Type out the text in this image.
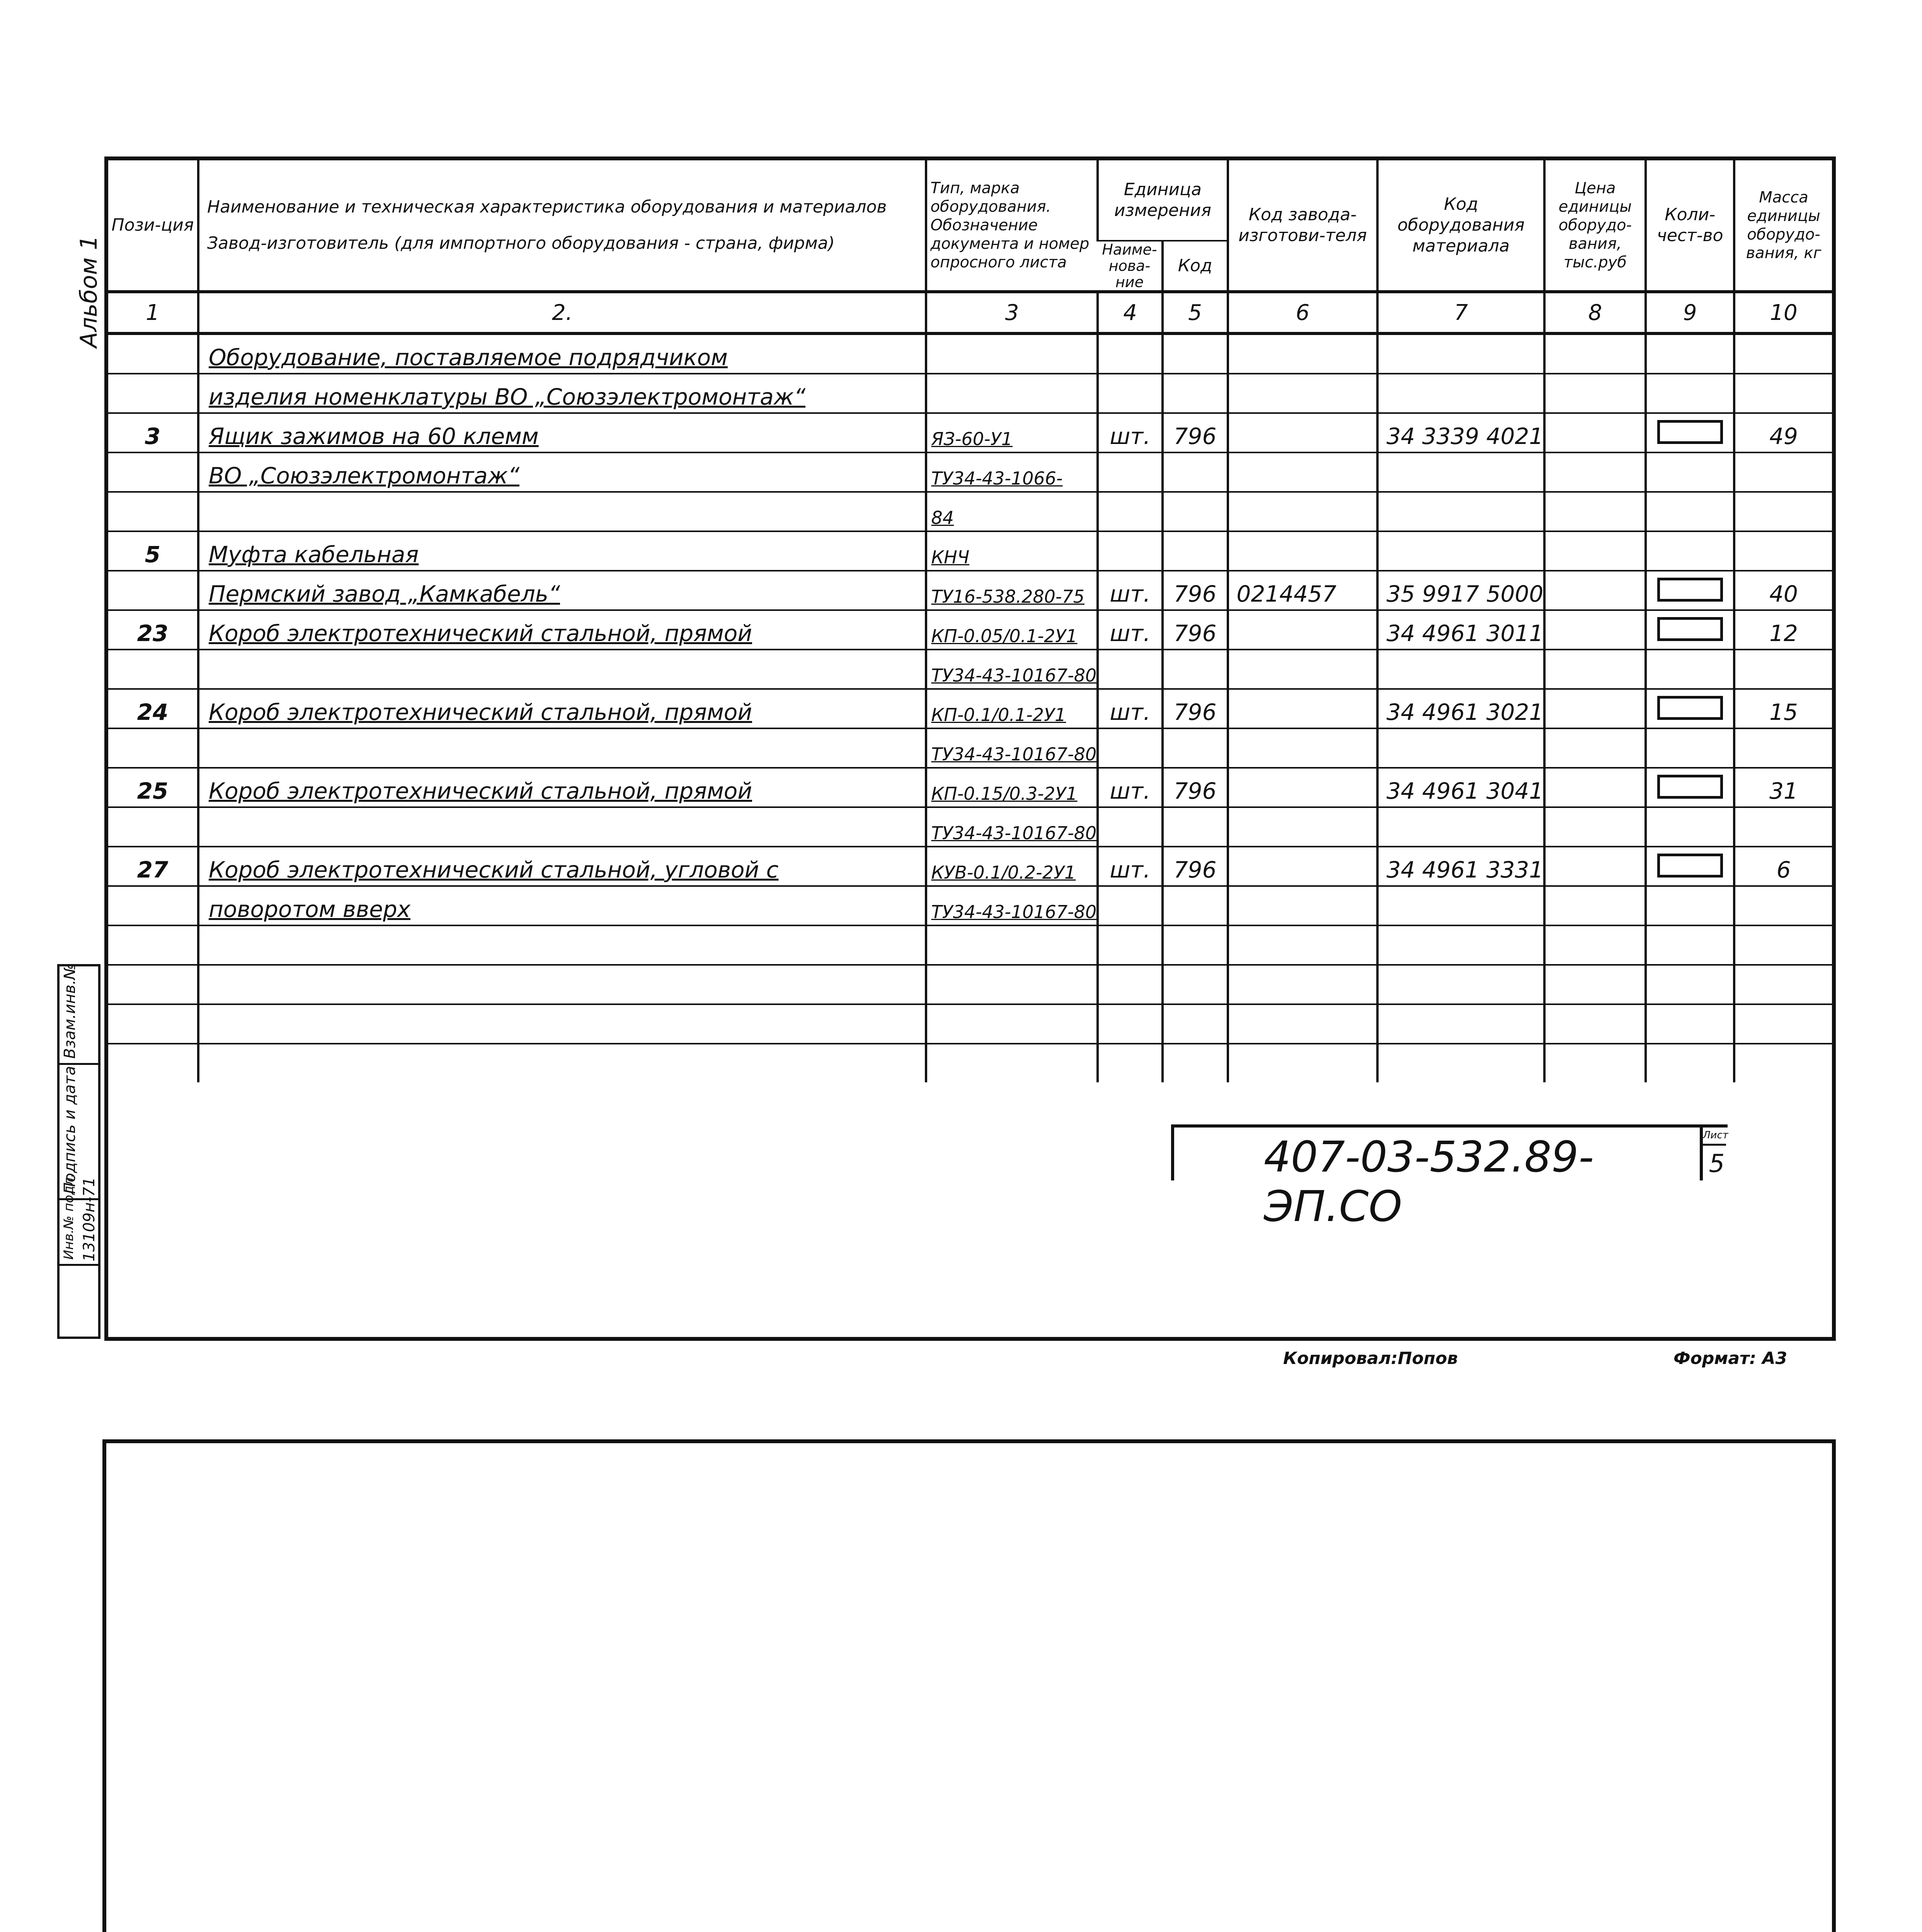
Альбом 1
Пози-ция	Наименование и техническая характеристика оборудования и материалов
Завод-изготовитель (для импортного оборудования - страна, фирма)	Тип, марка оборудования. Обозначение документа и номер опросного листа	Единица измерения		Код завода-изготови-теля	Код оборудования материала	Цена единицы оборудо-вания, тыс.руб	Коли-чест-во	Масса единицы оборудо-вания, кг
			Наиме-нова-ние	Код					
1	2.	3	4	5	6	7	8	9	10
	Оборудование, поставляемое подрядчиком								
	изделия номенклатуры ВО „Союзэлектромонтаж“								
3	Ящик зажимов на 60 клемм	ЯЗ-60-У1	шт.	796		34 3339 4021			49
	ВО „Союзэлектромонтаж“	ТУ34-43-1066-							
		84							
5	Муфта кабельная	КНЧ							
	Пермский завод „Камкабель“	ТУ16-538.280-75	шт.	796	0214457	35 9917 5000			40
23	Короб электротехнический стальной, прямой	КП-0.05/0.1-2У1	шт.	796		34 4961 3011			12
		ТУ34-43-10167-80							
24	Короб электротехнический стальной, прямой	КП-0.1/0.1-2У1	шт.	796		34 4961 3021			15
		ТУ34-43-10167-80							
25	Короб электротехнический стальной, прямой	КП-0.15/0.3-2У1	шт.	796		34 4961 3041			31
		ТУ34-43-10167-80							
27	Короб электротехнический стальной, угловой с	КУВ-0.1/0.2-2У1	шт.	796		34 4961 3331			6
	поворотом вверх	ТУ34-43-10167-80							

407-03-532.89-ЭП.СО
Лист
5
Взам.инв.№
Подпись и дата
Инв.№ подл. 13109н-71
Копировал:Попов	Формат: А3
